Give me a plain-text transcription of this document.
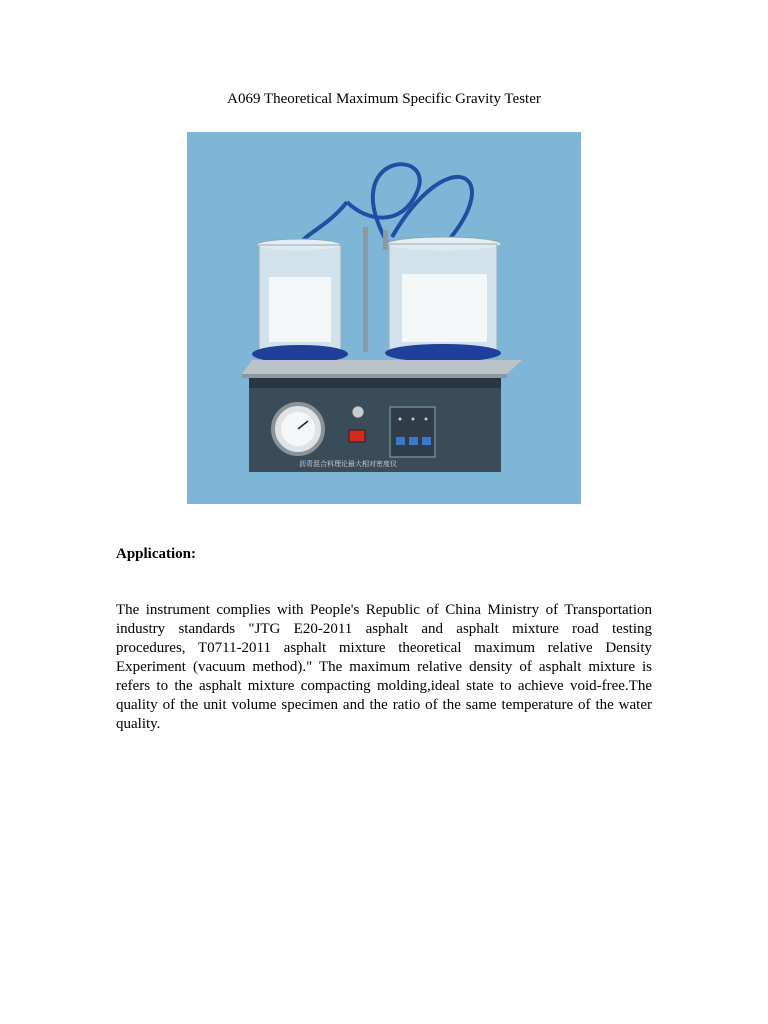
A069 Theoretical Maximum Specific Gravity Tester
沥青混合料理论最大相对密度仪
Application:
The instrument complies with People's Republic of China Ministry of Transportation
industry standards "JTG E20-2011 asphalt and asphalt mixture road testing
procedures, T0711-2011 asphalt mixture theoretical maximum relative Density
Experiment (vacuum method)." The maximum relative density of asphalt mixture is
refers to the asphalt mixture compacting molding,ideal state to achieve void-free.The
quality of the unit volume specimen and the ratio of the same temperature of the water
quality.
